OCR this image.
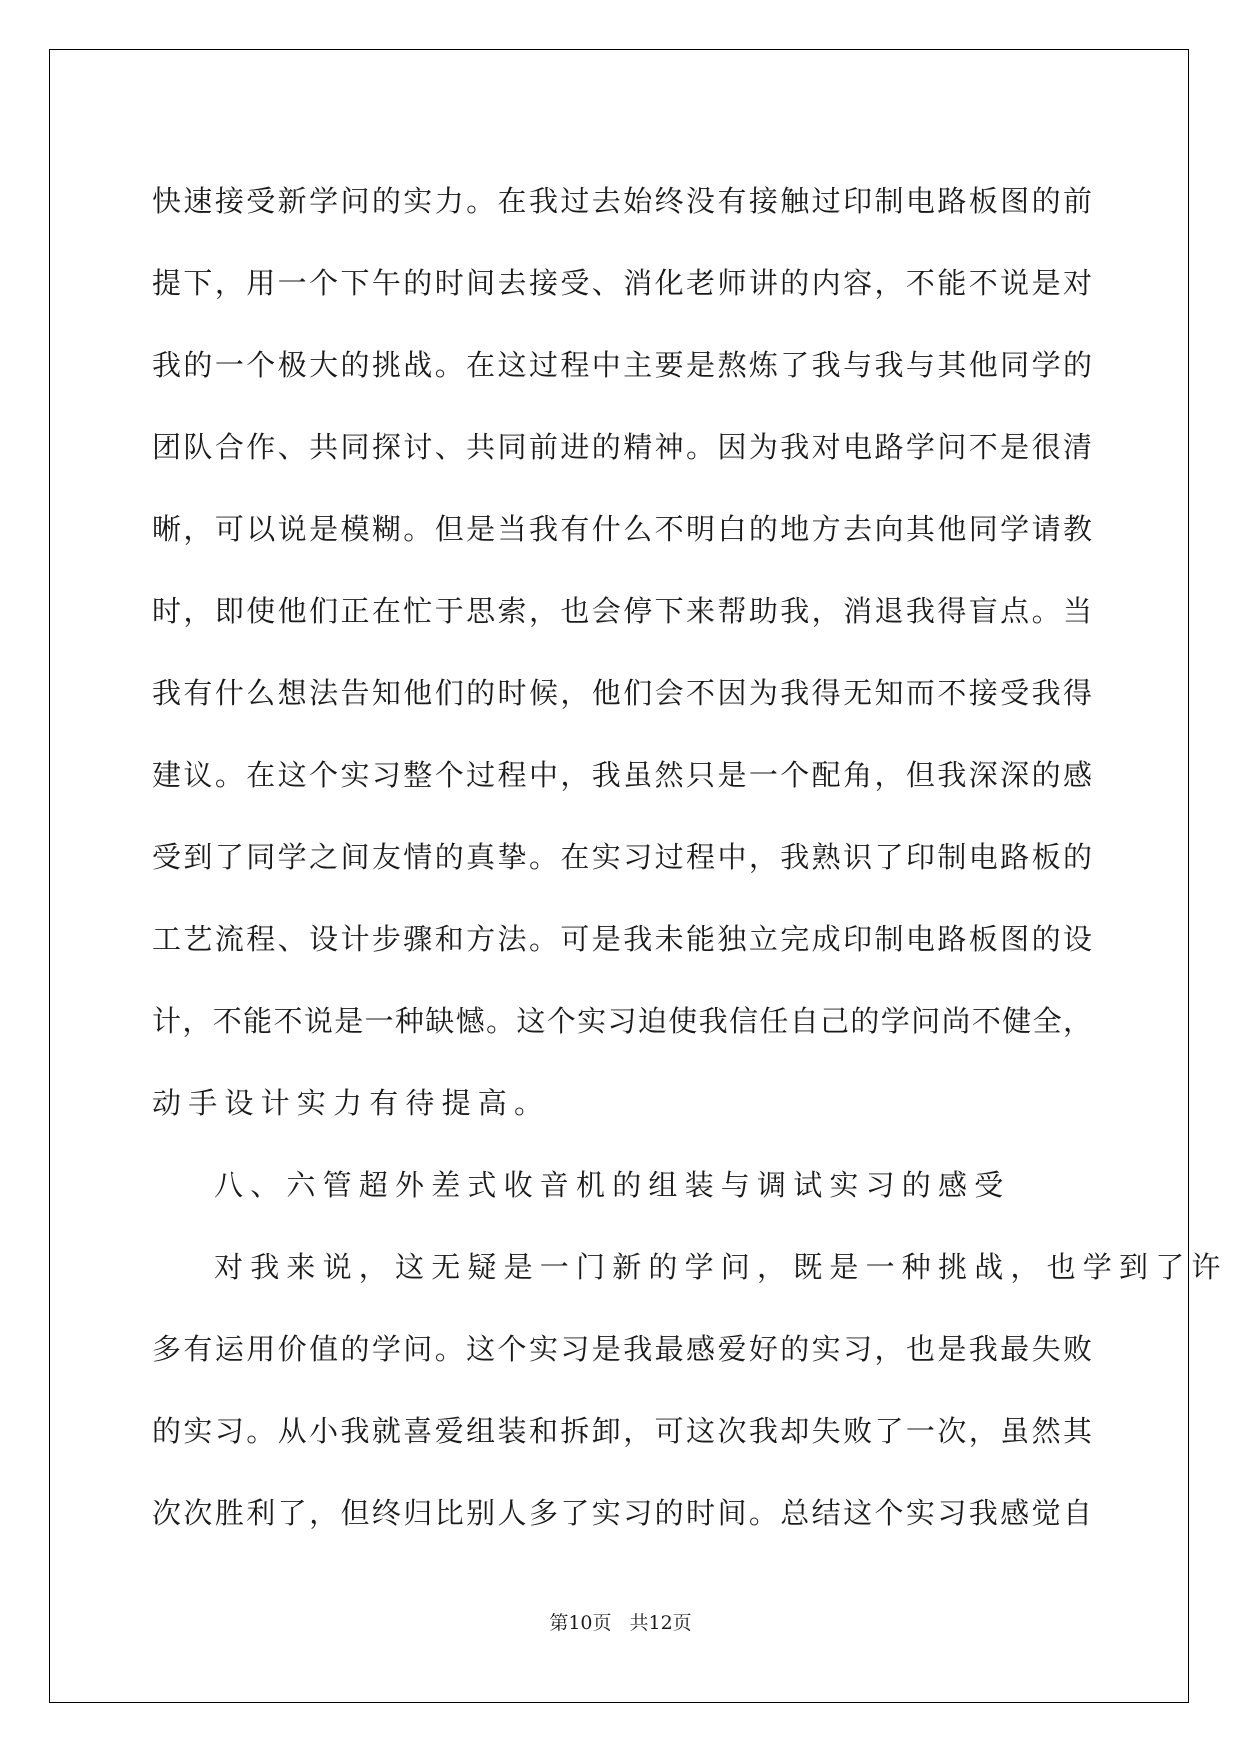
快速接受新学问的实力。在我过去始终没有接触过印制电路板图的前
提下，用一个下午的时间去接受、消化老师讲的内容，不能不说是对
我的一个极大的挑战。在这过程中主要是熬炼了我与我与其他同学的
团队合作、共同探讨、共同前进的精神。因为我对电路学问不是很清
晰，可以说是模糊。但是当我有什么不明白的地方去向其他同学请教
时，即使他们正在忙于思索，也会停下来帮助我，消退我得盲点。当
我有什么想法告知他们的时候，他们会不因为我得无知而不接受我得
建议。在这个实习整个过程中，我虽然只是一个配角，但我深深的感
受到了同学之间友情的真挚。在实习过程中，我熟识了印制电路板的
工艺流程、设计步骤和方法。可是我未能独立完成印制电路板图的设
计，不能不说是一种缺憾。这个实习迫使我信任自己的学问尚不健全，
动手设计实力有待提高。
八、六管超外差式收音机的组装与调试实习的感受
对我来说，这无疑是一门新的学问，既是一种挑战，也学到了许
多有运用价值的学问。这个实习是我最感爱好的实习，也是我最失败
的实习。从小我就喜爱组装和拆卸，可这次我却失败了一次，虽然其
次次胜利了，但终归比别人多了实习的时间。总结这个实习我感觉自
第10页 共12页
